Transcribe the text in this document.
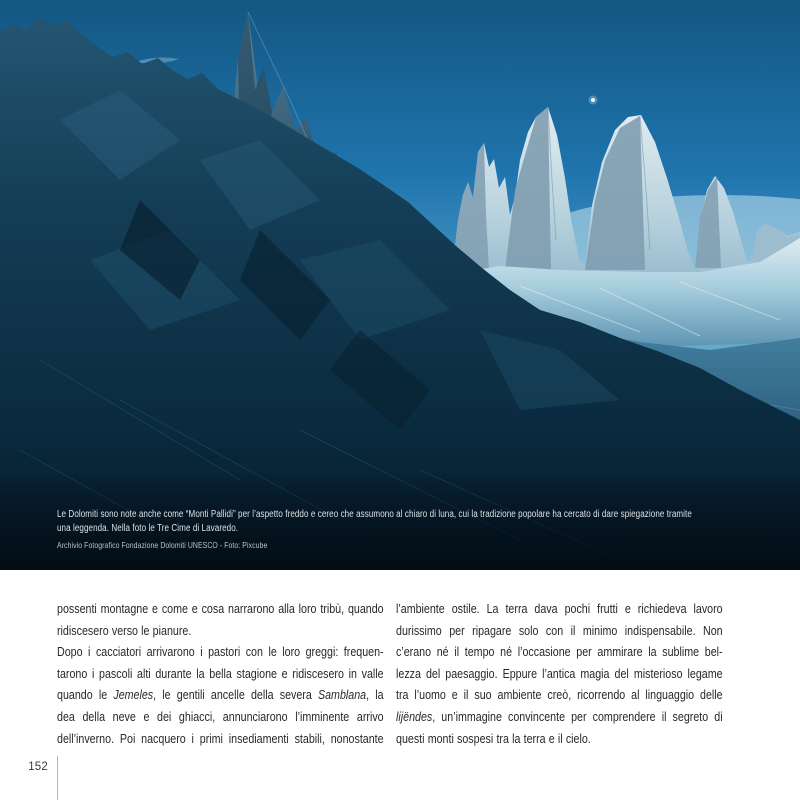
Le Dolomiti sono note anche come “Monti Pallidi” per l’aspetto freddo e cereo che assumono al chiaro di luna, cui la tradizione popolare ha cercato di dare spiegazione tramite
una leggenda. Nella foto le Tre Cime di Lavaredo.
Archivio Fotografico Fondazione Dolomiti UNESCO - Foto: Pixcube
possenti montagne e come e cosa narrarono alla loro tribù, quando
ridiscesero verso le pianure.
Dopo i cacciatori arrivarono i pastori con le loro greggi: frequen-
tarono i pascoli alti durante la bella stagione e ridiscesero in valle
quando le Jemeles, le gentili ancelle della severa Samblana, la
dea della neve e dei ghiacci, annunciarono l’imminente arrivo
dell’inverno. Poi nacquero i primi insediamenti stabili, nonostante
l’ambiente ostile. La terra dava pochi frutti e richiedeva lavoro
durissimo per ripagare solo con il minimo indispensabile. Non
c’erano né il tempo né l’occasione per ammirare la sublime bel-
lezza del paesaggio. Eppure l’antica magia del misterioso legame
tra l’uomo e il suo ambiente creò, ricorrendo al linguaggio delle
lijëndes, un’immagine convincente per comprendere il segreto di
questi monti sospesi tra la terra e il cielo.
152
